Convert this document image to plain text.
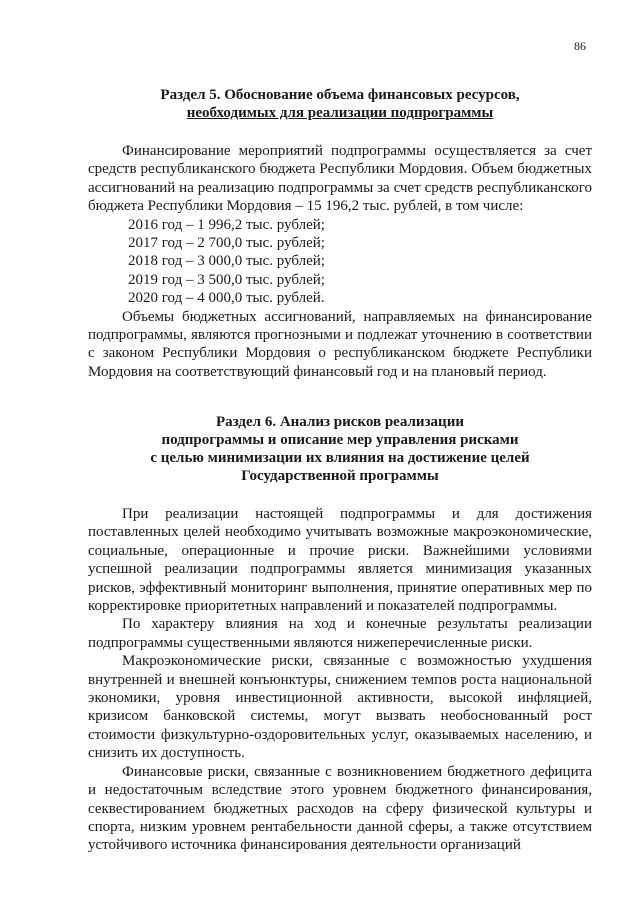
86
Раздел 5. Обоснование объема финансовых ресурсов,
необходимых для реализации подпрограммы

Финансирование мероприятий подпрограммы осуществляется за счет средств республиканского бюджета Республики Мордовия. Объем бюджетных ассигнований на реализацию подпрограммы за счет средств республиканского бюджета Республики Мордовия – 15 196,2 тыс. рублей, в том числе:

2016 год – 1 996,2 тыс. рублей;
2017 год – 2 700,0 тыс. рублей;
2018 год – 3 000,0 тыс. рублей;
2019 год – 3 500,0 тыс. рублей;
2020 год – 4 000,0 тыс. рублей.

Объемы бюджетных ассигнований, направляемых на финансирование подпрограммы, являются прогнозными и подлежат уточнению в соответствии с законом Республики Мордовия о республиканском бюджете Республики Мордовия на соответствующий финансовый год и на плановый период.

Раздел 6. Анализ рисков реализации
подпрограммы и описание мер управления рисками
с целью минимизации их влияния на достижение целей
Государственной программы

При реализации настоящей подпрограммы и для достижения поставленных целей необходимо учитывать возможные макроэкономические, социальные, операционные и прочие риски. Важнейшими условиями успешной реализации подпрограммы является минимизация указанных рисков, эффективный мониторинг выполнения, принятие оперативных мер по корректировке приоритетных направлений и показателей подпрограммы.

По характеру влияния на ход и конечные результаты реализации подпрограммы существенными являются нижеперечисленные риски.

Макроэкономические риски, связанные с возможностью ухудшения внутренней и внешней конъюнктуры, снижением темпов роста национальной экономики, уровня инвестиционной активности, высокой инфляцией, кризисом банковской системы, могут вызвать необоснованный рост стоимости физкультурно-оздоровительных услуг, оказываемых населению, и снизить их доступность.

Финансовые риски, связанные с возникновением бюджетного дефицита и недостаточным вследствие этого уровнем бюджетного финансирования, секвестированием бюджетных расходов на сферу физической культуры и спорта, низким уровнем рентабельности данной сферы, а также отсутствием устойчивого источника финансирования деятельности организаций
